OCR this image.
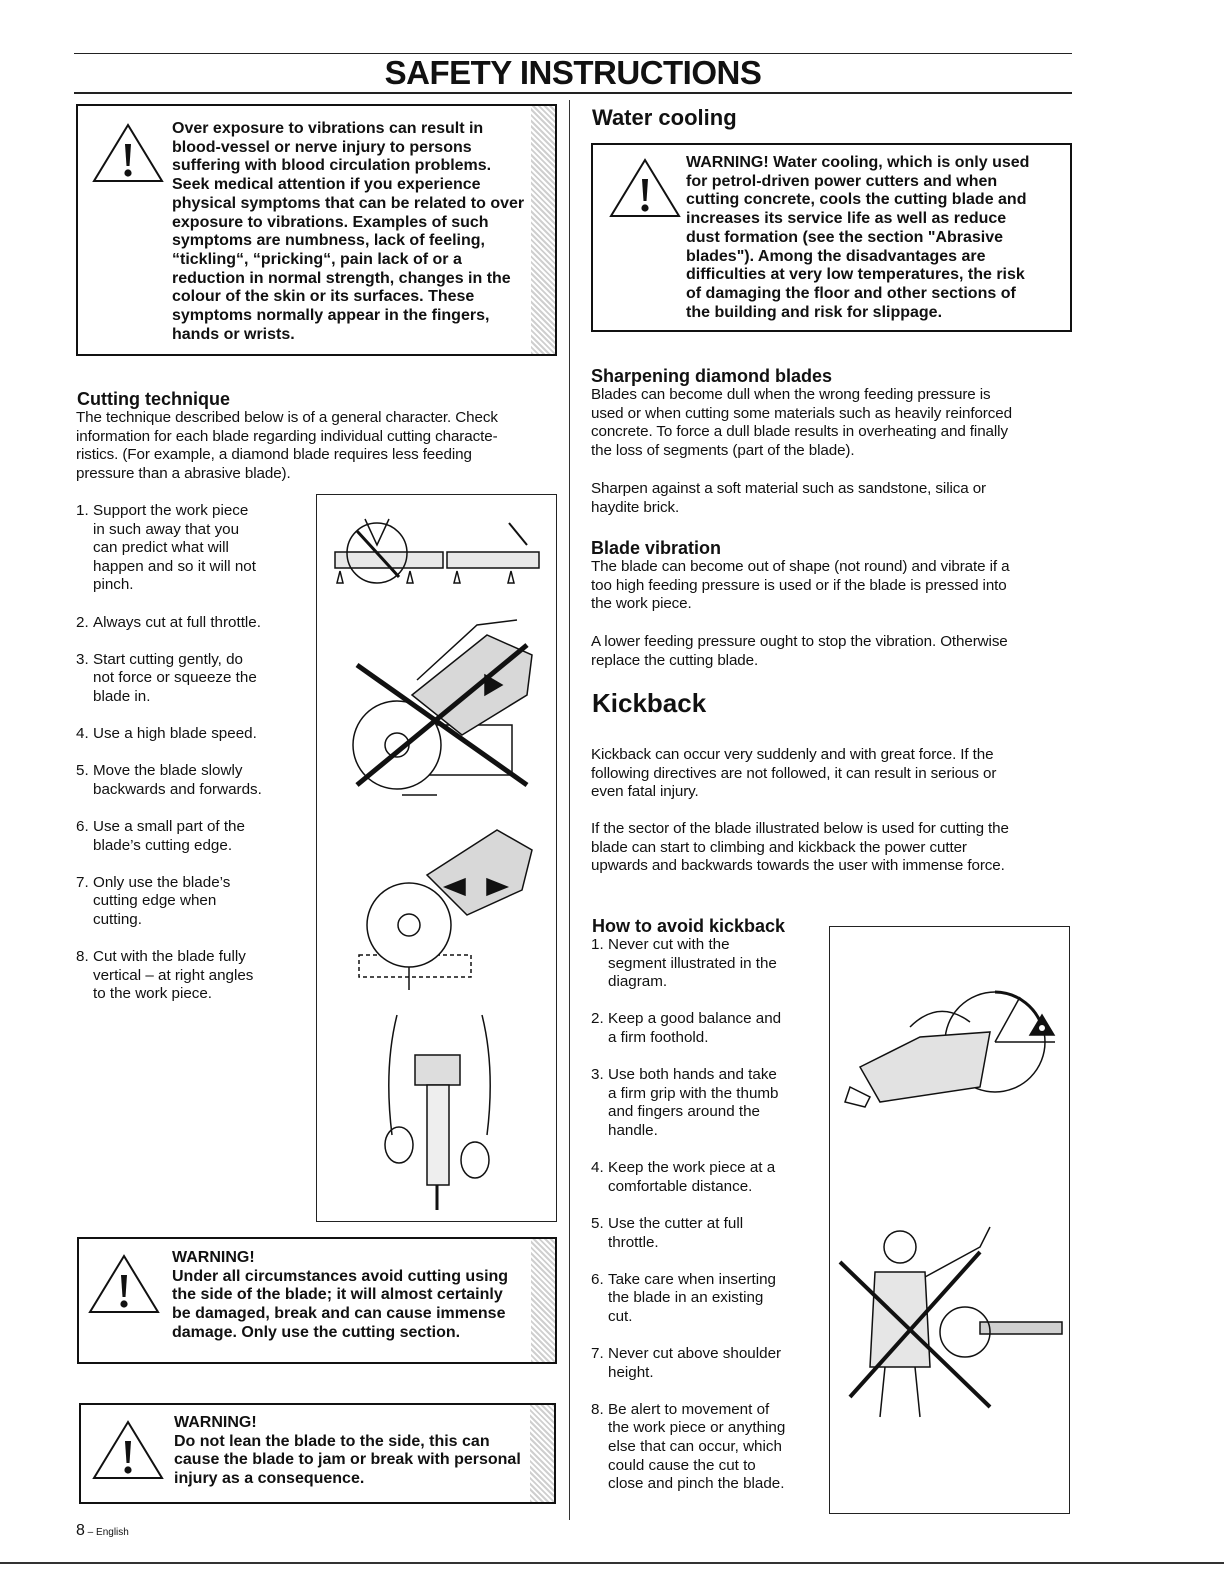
SAFETY INSTRUCTIONS
Over exposure to vibrations can result in
blood-vessel or nerve injury to persons
suffering with blood circulation problems.
Seek medical attention if you experience
physical symptoms that can be related to over
exposure to vibrations. Examples of such
symptoms are numbness, lack of feeling,
“tickling“, “pricking“, pain lack of or a
reduction in normal strength, changes in the
colour of the skin or its surfaces. These
symptoms normally appear in the fingers,
hands or wrists.
Cutting technique
The technique described below is of a general character. Check
information for each blade regarding individual cutting characte-
ristics. (For example, a diamond blade requires less feeding
pressure than a abrasive blade).
1. Support the work piece
in such away that you
can predict what will
happen and so it will not
pinch.
2. Always cut at full throttle.
3. Start cutting gently, do
not force or squeeze the
blade in.
4. Use a high blade speed.
5. Move the blade slowly
backwards and forwards.
6. Use a small part of the
blade’s cutting edge.
7. Only use the blade’s
cutting edge when
cutting.
8. Cut with the blade fully
vertical – at right angles
to the work piece.
WARNING!
Under all circumstances avoid cutting using
the side of the blade; it will almost certainly
be damaged, break and can cause immense
damage. Only use the cutting section.
WARNING!
Do not lean the blade to the side, this can
cause the blade to jam or break with personal
injury as a consequence.
Water cooling
WARNING! Water cooling, which is only used
for petrol-driven power cutters and when
cutting concrete, cools the cutting blade and
increases its service life as well as reduce
dust formation (see the section "Abrasive
blades"). Among the disadvantages are
difficulties at very low temperatures, the risk
of damaging the floor and other sections of
the building and risk for slippage.
Sharpening diamond blades
Blades can become dull when the wrong feeding pressure is
used or when cutting some materials such as heavily reinforced
concrete. To force a dull blade results in overheating and finally
the loss of segments (part of the blade).
Sharpen against a soft material such as sandstone, silica or
haydite brick.
Blade vibration
The blade can become out of shape (not round) and vibrate if a
too high feeding pressure is used or if the blade is pressed into
the work piece.
A lower feeding pressure ought to stop the vibration. Otherwise
replace the cutting blade.
Kickback
Kickback can occur very suddenly and with great force. If the
following directives are not followed, it can result in serious or
even fatal injury.
If the sector of the blade illustrated below is used for cutting the
blade can start to climbing and kickback the power cutter
upwards and backwards towards the user with immense force.
How to avoid kickback
1. Never cut with the
segment illustrated in the
diagram.
2. Keep a good balance and
a firm foothold.
3. Use both hands and take
a firm grip with the thumb
and fingers around the
handle.
4. Keep the work piece at a
comfortable distance.
5. Use the cutter at full
throttle.
6. Take care when inserting
the blade in an existing
cut.
7. Never cut above shoulder
height.
8. Be alert to movement of
the work piece or anything
else that can occur, which
could cause the cut to
close and pinch the blade.
8 – English
